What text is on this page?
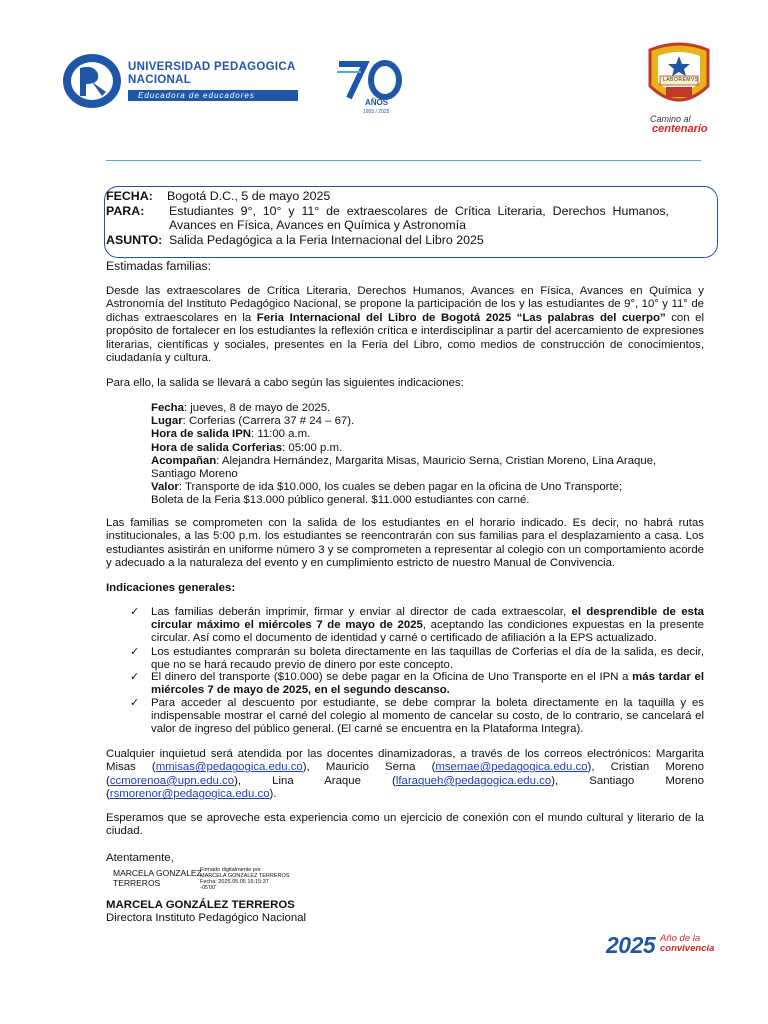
UNIVERSIDAD PEDAGOGICA
NACIONAL
Educadora de educadores
AÑOS
1955 / 2025
LABOREMVS
Camino al
centenario
FECHA: Bogotá D.C., 5 de mayo 2025
PARA: Estudiantes 9°, 10° y 11° de extraescolares de Crítica Literaria, Derechos Humanos,
Avances en Física, Avances en Química y Astronomía
ASUNTO: Salida Pedagógica a la Feria Internacional del Libro 2025
Estimadas familias:
Desde las extraescolares de Crítica Literaria, Derechos Humanos, Avances en Física, Avances en Química y Astronomía del Instituto Pedagógico Nacional, se propone la participación de los y las estudiantes de 9°, 10° y 11° de dichas extraescolares en la Feria Internacional del Libro de Bogotá 2025 “Las palabras del cuerpo” con el propósito de fortalecer en los estudiantes la reflexión crítica e interdisciplinar a partir del acercamiento de expresiones literarias, científicas y sociales, presentes en la Feria del Libro, como medios de construcción de conocimientos, ciudadanía y cultura.
Para ello, la salida se llevará a cabo según las siguientes indicaciones:
Fecha: jueves, 8 de mayo de 2025.
Lugar: Corferias (Carrera 37 # 24 – 67).
Hora de salida IPN: 11:00 a.m.
Hora de salida Corferias: 05:00 p.m.
Acompañan: Alejandra Hernández, Margarita Misas, Mauricio Serna, Cristian Moreno, Lina Araque, Santiago Moreno
Valor: Transporte de ida $10.000, los cuales se deben pagar en la oficina de Uno Transporte;
Boleta de la Feria $13.000 público general. $11.000 estudiantes con carné.
Las familias se comprometen con la salida de los estudiantes en el horario indicado. Es decir, no habrá rutas institucionales, a las 5:00 p.m. los estudiantes se reencontrarán con sus familias para el desplazamiento a casa. Los estudiantes asistirán en uniforme número 3 y se comprometen a representar al colegio con un comportamiento acorde y adecuado a la naturaleza del evento y en cumplimiento estricto de nuestro Manual de Convivencia.
Indicaciones generales:
✓ Las familias deberán imprimir, firmar y enviar al director de cada extraescolar, el desprendible de esta circular máximo el miércoles 7 de mayo de 2025, aceptando las condiciones expuestas en la presente circular. Así como el documento de identidad y carné o certificado de afiliación a la EPS actualizado.
✓ Los estudiantes comprarán su boleta directamente en las taquillas de Corferias el día de la salida, es decir, que no se hará recaudo previo de dinero por este concepto.
✓ El dinero del transporte ($10.000) se debe pagar en la Oficina de Uno Transporte en el IPN a más tardar el miércoles 7 de mayo de 2025, en el segundo descanso.
✓ Para acceder al descuento por estudiante, se debe comprar la boleta directamente en la taquilla y es indispensable mostrar el carné del colegio al momento de cancelar su costo, de lo contrario, se cancelará el valor de ingreso del público general. (El carné se encuentra en la Plataforma Integra).
Cualquier inquietud será atendida por las docentes dinamizadoras, a través de los correos electrónicos: Margarita Misas (mmisas@pedagogica.edu.co), Mauricio Serna (msernae@pedagogica.edu.co), Cristian Moreno (ccmorenoa@upn.edu.co), Lina Araque (lfaraqueh@pedagogica.edu.co), Santiago Moreno (rsmorenor@pedagogica.edu.co).
Esperamos que se aproveche esta experiencia como un ejercicio de conexión con el mundo cultural y literario de la ciudad.
Atentamente,
MARCELA GONZALEZ
TERREROS
Firmado digitalmente por
MARCELA GONZALEZ TERREROS
Fecha: 2025.05.05 16:15:37
-05'00'
MARCELA GONZÁLEZ TERREROS
Directora Instituto Pedagógico Nacional
2025 Año de la
convivencia
